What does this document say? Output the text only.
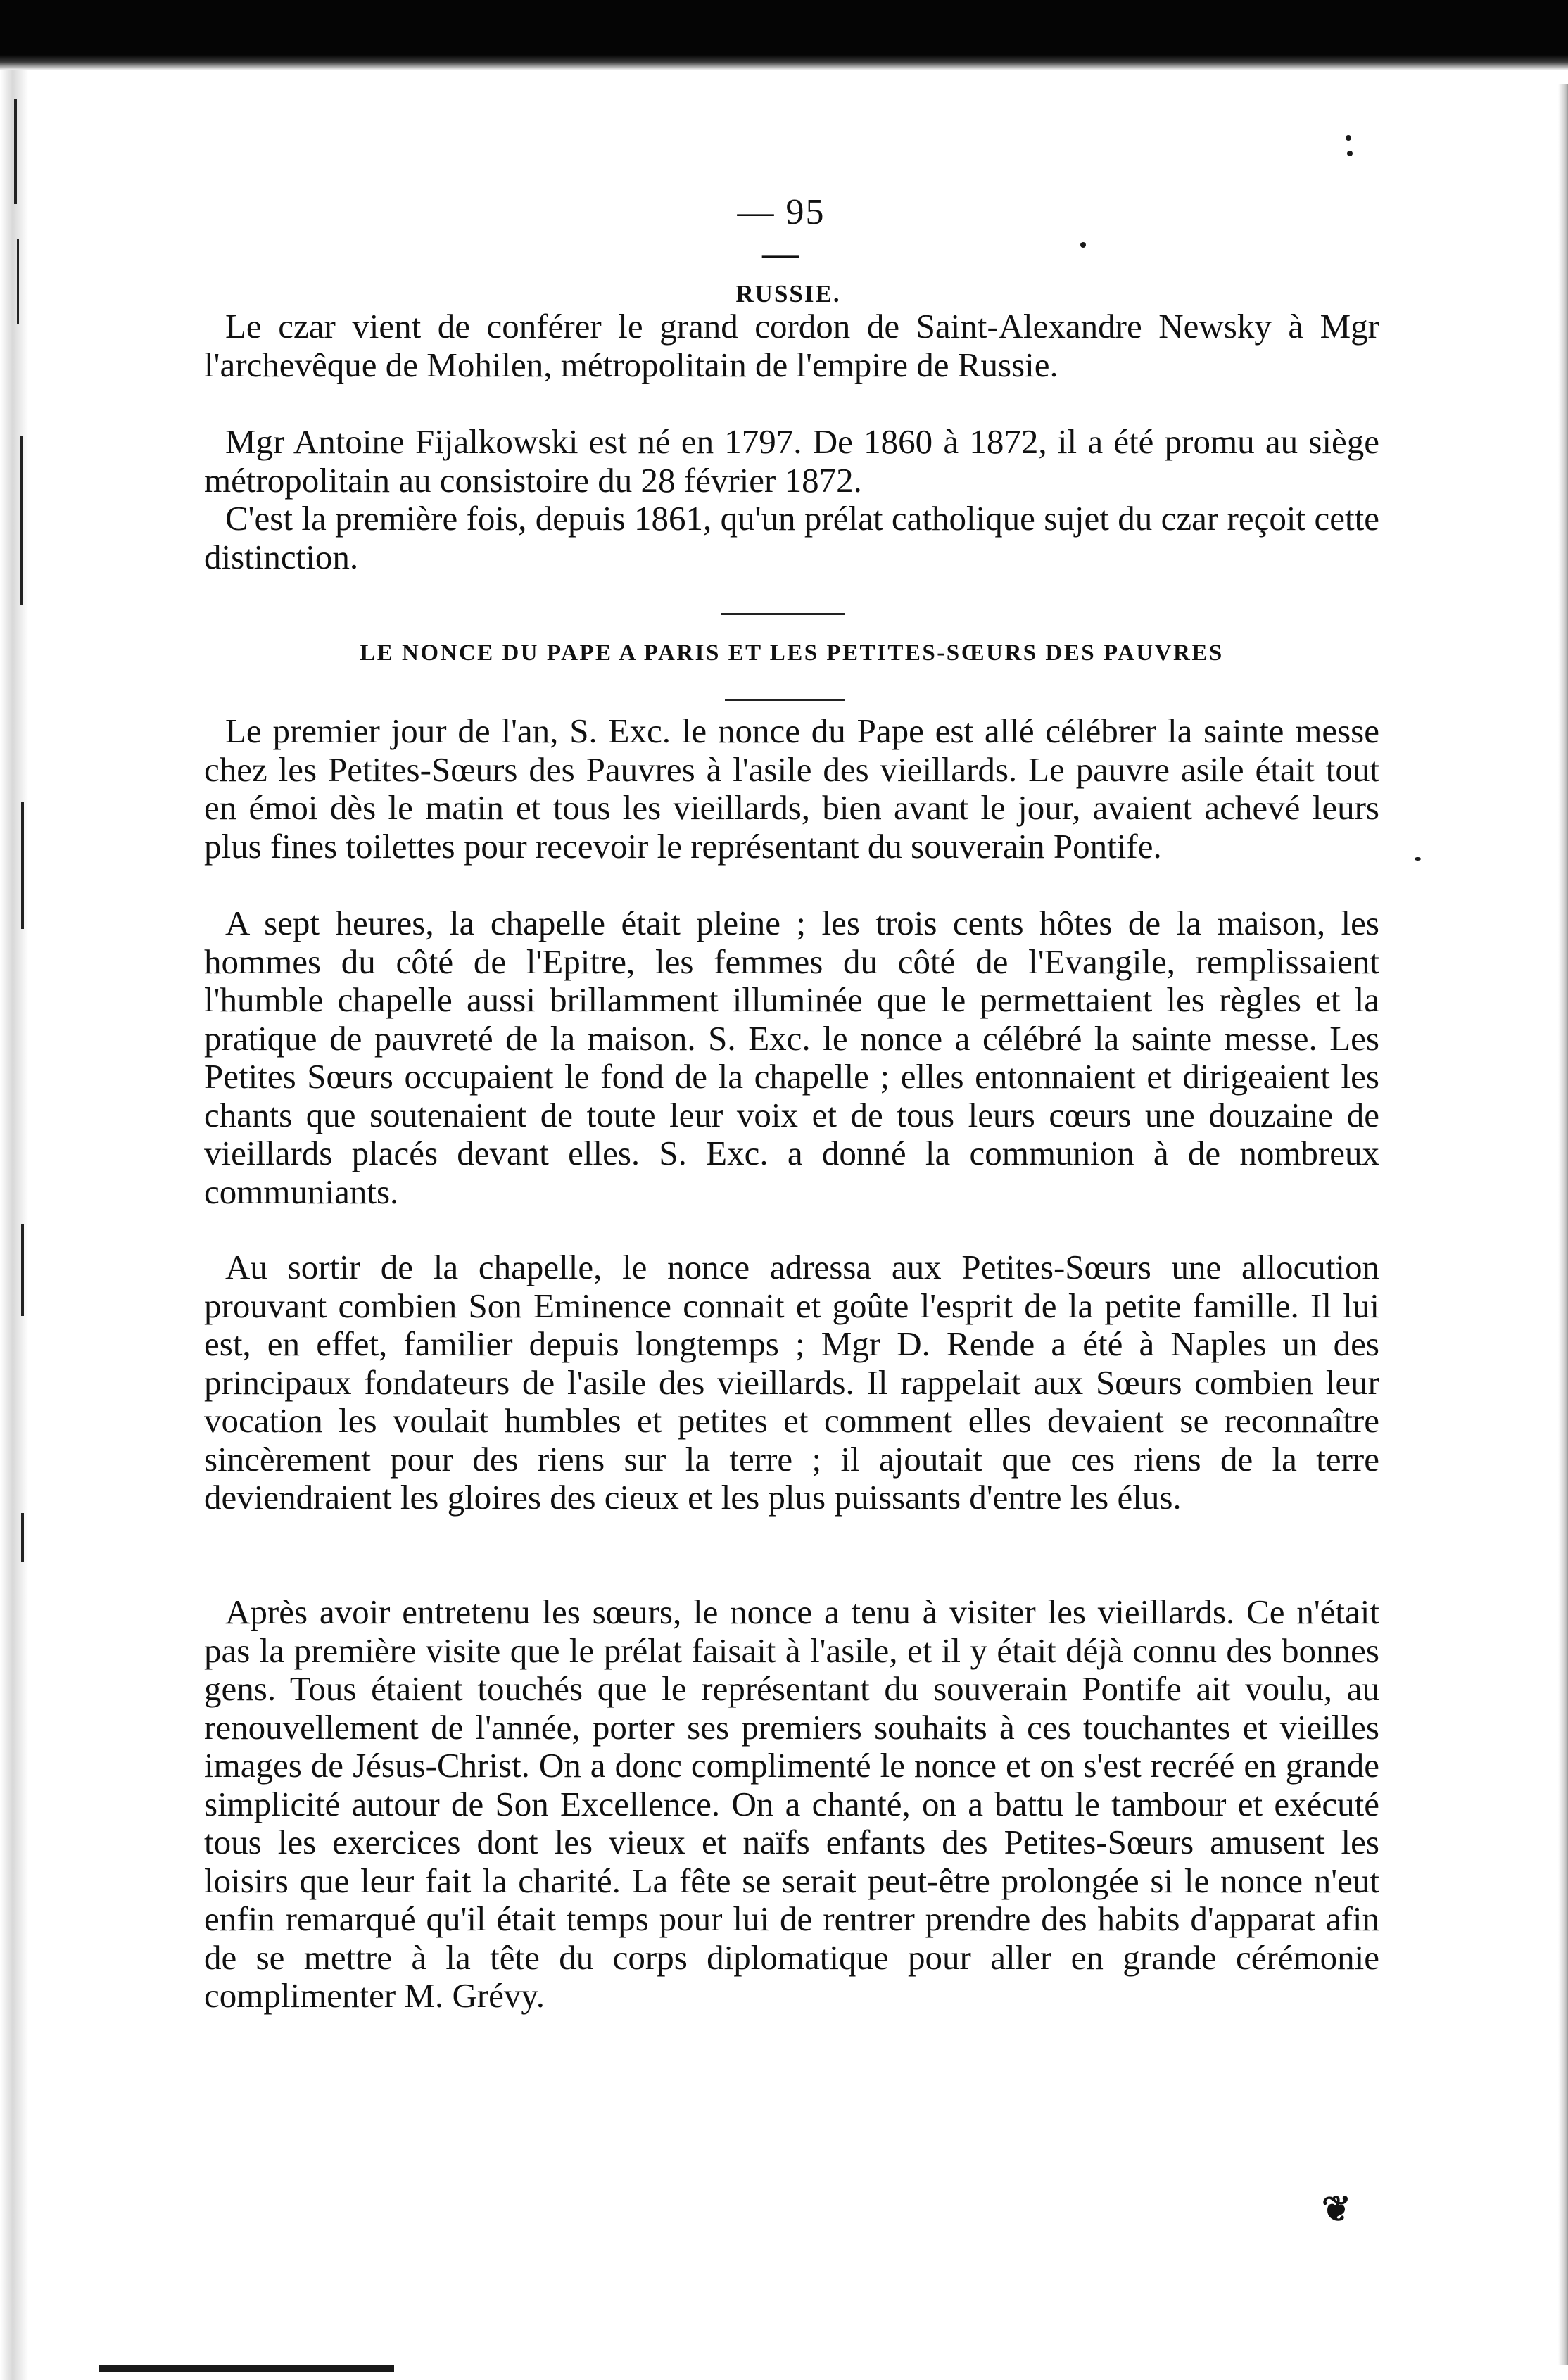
— 95 —
RUSSIE.

Le czar vient de conférer le grand cordon de Saint-Alexandre Newsky à Mgr l'archevêque de Mohilen, métropolitain de l'empire de Russie.

Mgr Antoine Fijalkowski est né en 1797. De 1860 à 1872, il a été promu au siège métropolitain au consistoire du 28 février 1872.

C'est la première fois, depuis 1861, qu'un prélat catholique sujet du czar reçoit cette distinction.

LE NONCE DU PAPE A PARIS ET LES PETITES-SŒURS DES PAUVRES

Le premier jour de l'an, S. Exc. le nonce du Pape est allé célébrer la sainte messe chez les Petites-Sœurs des Pauvres à l'asile des vieillards. Le pauvre asile était tout en émoi dès le matin et tous les vieillards, bien avant le jour, avaient achevé leurs plus fines toilettes pour recevoir le représentant du souverain Pontife.

A sept heures, la chapelle était pleine ; les trois cents hôtes de la maison, les hommes du côté de l'Epitre, les femmes du côté de l'Evangile, remplissaient l'humble chapelle aussi brillamment illuminée que le permettaient les règles et la pratique de pauvreté de la maison. S. Exc. le nonce a célébré la sainte messe. Les Petites Sœurs occupaient le fond de la chapelle ; elles entonnaient et dirigeaient les chants que soutenaient de toute leur voix et de tous leurs cœurs une douzaine de vieillards placés devant elles. S. Exc. a donné la communion à de nombreux communiants.

Au sortir de la chapelle, le nonce adressa aux Petites-Sœurs une allocution prouvant combien Son Eminence connait et goûte l'esprit de la petite famille. Il lui est, en effet, familier depuis longtemps ; Mgr D. Rende a été à Naples un des principaux fondateurs de l'asile des vieillards. Il rappelait aux Sœurs combien leur vocation les voulait humbles et petites et comment elles devaient se reconnaître sincèrement pour des riens sur la terre ; il ajoutait que ces riens de la terre deviendraient les gloires des cieux et les plus puissants d'entre les élus.

Après avoir entretenu les sœurs, le nonce a tenu à visiter les vieillards. Ce n'était pas la première visite que le prélat faisait à l'asile, et il y était déjà connu des bonnes gens. Tous étaient touchés que le représentant du souverain Pontife ait voulu, au renouvellement de l'année, porter ses premiers souhaits à ces touchantes et vieilles images de Jésus-Christ. On a donc complimenté le nonce et on s'est recréé en grande simplicité autour de Son Excellence. On a chanté, on a battu le tambour et exécuté tous les exercices dont les vieux et naïfs enfants des Petites-Sœurs amusent les loisirs que leur fait la charité. La fête se serait peut-être prolongée si le nonce n'eut enfin remarqué qu'il était temps pour lui de rentrer prendre des habits d'apparat afin de se mettre à la tête du corps diplomatique pour aller en grande cérémonie complimenter M. Grévy.

❦
